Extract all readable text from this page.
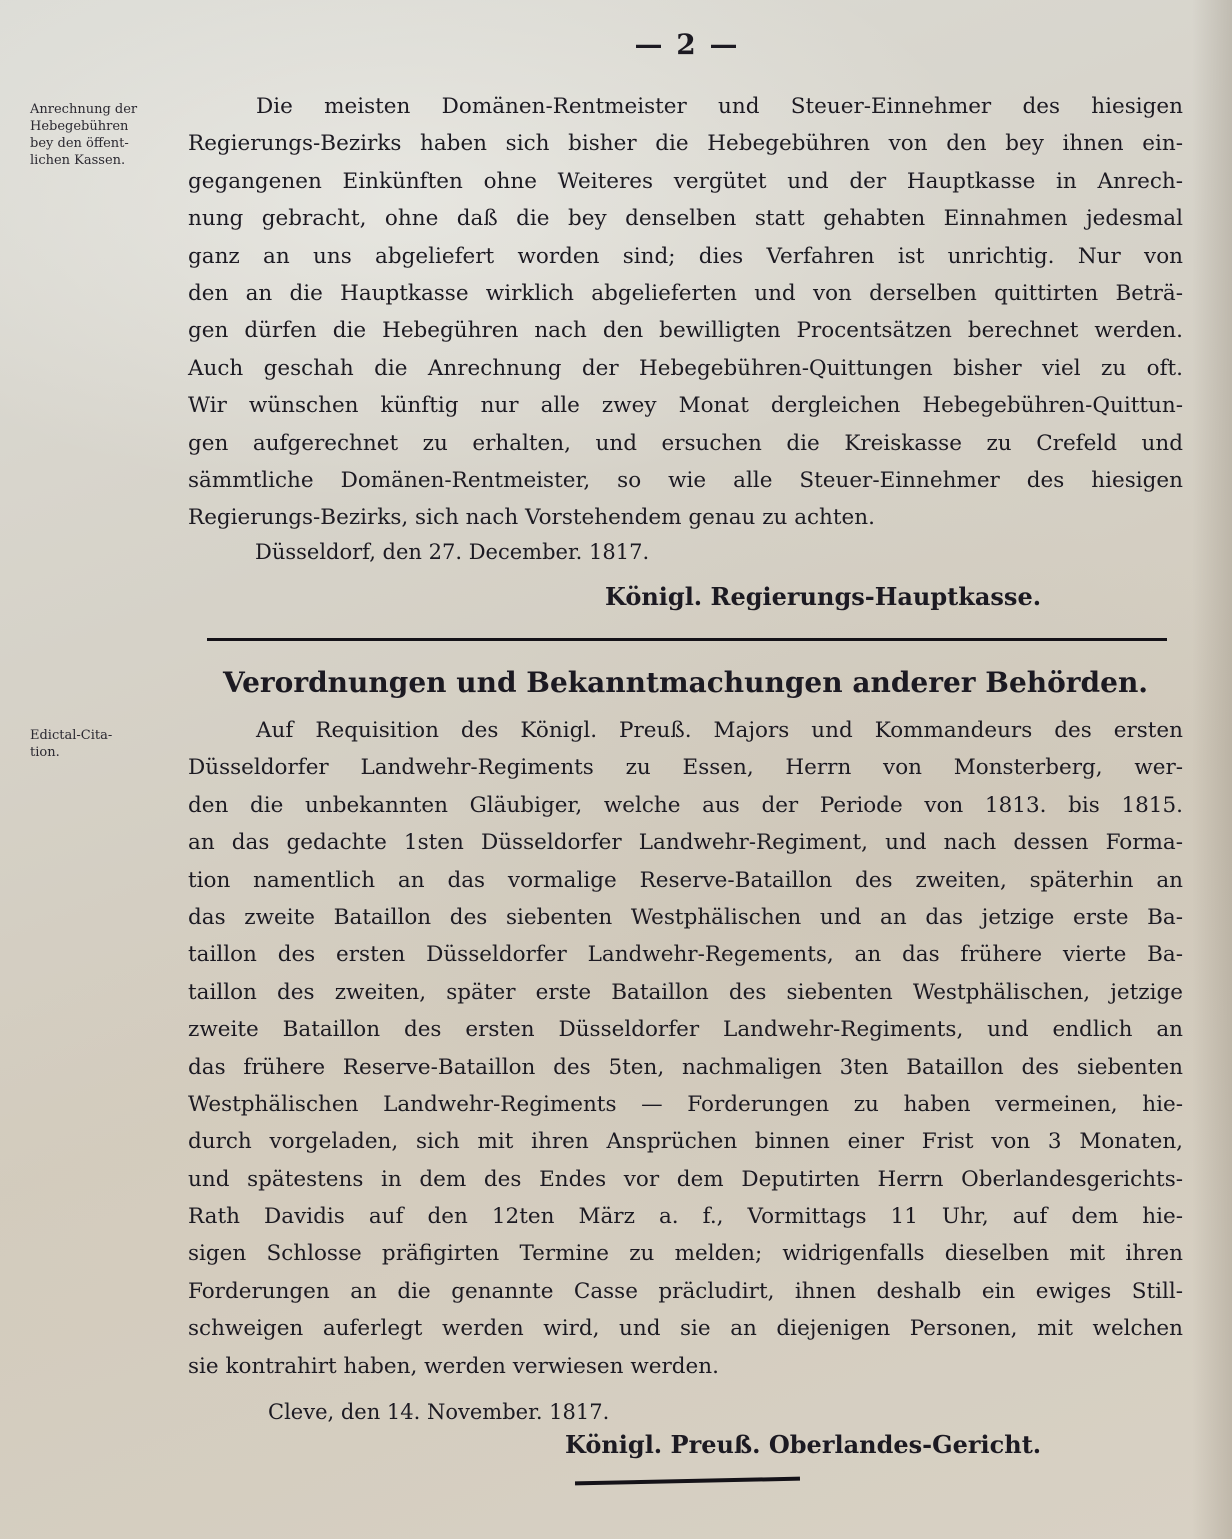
— 2 —
Anrechnung der
Hebegebühren
bey den öffent-
lichen Kassen.
Die meisten Domänen-Rentmeister und Steuer-Einnehmer des hiesigen
Regierungs-Bezirks haben sich bisher die Hebegebühren von den bey ihnen ein-
gegangenen Einkünften ohne Weiteres vergütet und der Hauptkasse in Anrech-
nung gebracht, ohne daß die bey denselben statt gehabten Einnahmen jedesmal
ganz an uns abgeliefert worden sind; dies Verfahren ist unrichtig. Nur von
den an die Hauptkasse wirklich abgelieferten und von derselben quittirten Beträ-
gen dürfen die Hebegühren nach den bewilligten Procentsätzen berechnet werden.
Auch geschah die Anrechnung der Hebegebühren-Quittungen bisher viel zu oft.
Wir wünschen künftig nur alle zwey Monat dergleichen Hebegebühren-Quittun-
gen aufgerechnet zu erhalten, und ersuchen die Kreiskasse zu Crefeld und
sämmtliche Domänen-Rentmeister, so wie alle Steuer-Einnehmer des hiesigen
Regierungs-Bezirks, sich nach Vorstehendem genau zu achten.
Düsseldorf, den 27. December. 1817.
Königl. Regierungs-Hauptkasse.
Verordnungen und Bekanntmachungen anderer Behörden.
Edictal-Cita-
tion.
Auf Requisition des Königl. Preuß. Majors und Kommandeurs des ersten
Düsseldorfer Landwehr-Regiments zu Essen, Herrn von Monsterberg, wer-
den die unbekannten Gläubiger, welche aus der Periode von 1813. bis 1815.
an das gedachte 1sten Düsseldorfer Landwehr-Regiment, und nach dessen Forma-
tion namentlich an das vormalige Reserve-Bataillon des zweiten, späterhin an
das zweite Bataillon des siebenten Westphälischen und an das jetzige erste Ba-
taillon des ersten Düsseldorfer Landwehr-Regements, an das frühere vierte Ba-
taillon des zweiten, später erste Bataillon des siebenten Westphälischen, jetzige
zweite Bataillon des ersten Düsseldorfer Landwehr-Regiments, und endlich an
das frühere Reserve-Bataillon des 5ten, nachmaligen 3ten Bataillon des siebenten
Westphälischen Landwehr-Regiments — Forderungen zu haben vermeinen, hie-
durch vorgeladen, sich mit ihren Ansprüchen binnen einer Frist von 3 Monaten,
und spätestens in dem des Endes vor dem Deputirten Herrn Oberlandesgerichts-
Rath Davidis auf den 12ten März a. f., Vormittags 11 Uhr, auf dem hie-
sigen Schlosse präfigirten Termine zu melden; widrigenfalls dieselben mit ihren
Forderungen an die genannte Casse präcludirt, ihnen deshalb ein ewiges Still-
schweigen auferlegt werden wird, und sie an diejenigen Personen, mit welchen
sie kontrahirt haben, werden verwiesen werden.
Cleve, den 14. November. 1817.
Königl. Preuß. Oberlandes-Gericht.
